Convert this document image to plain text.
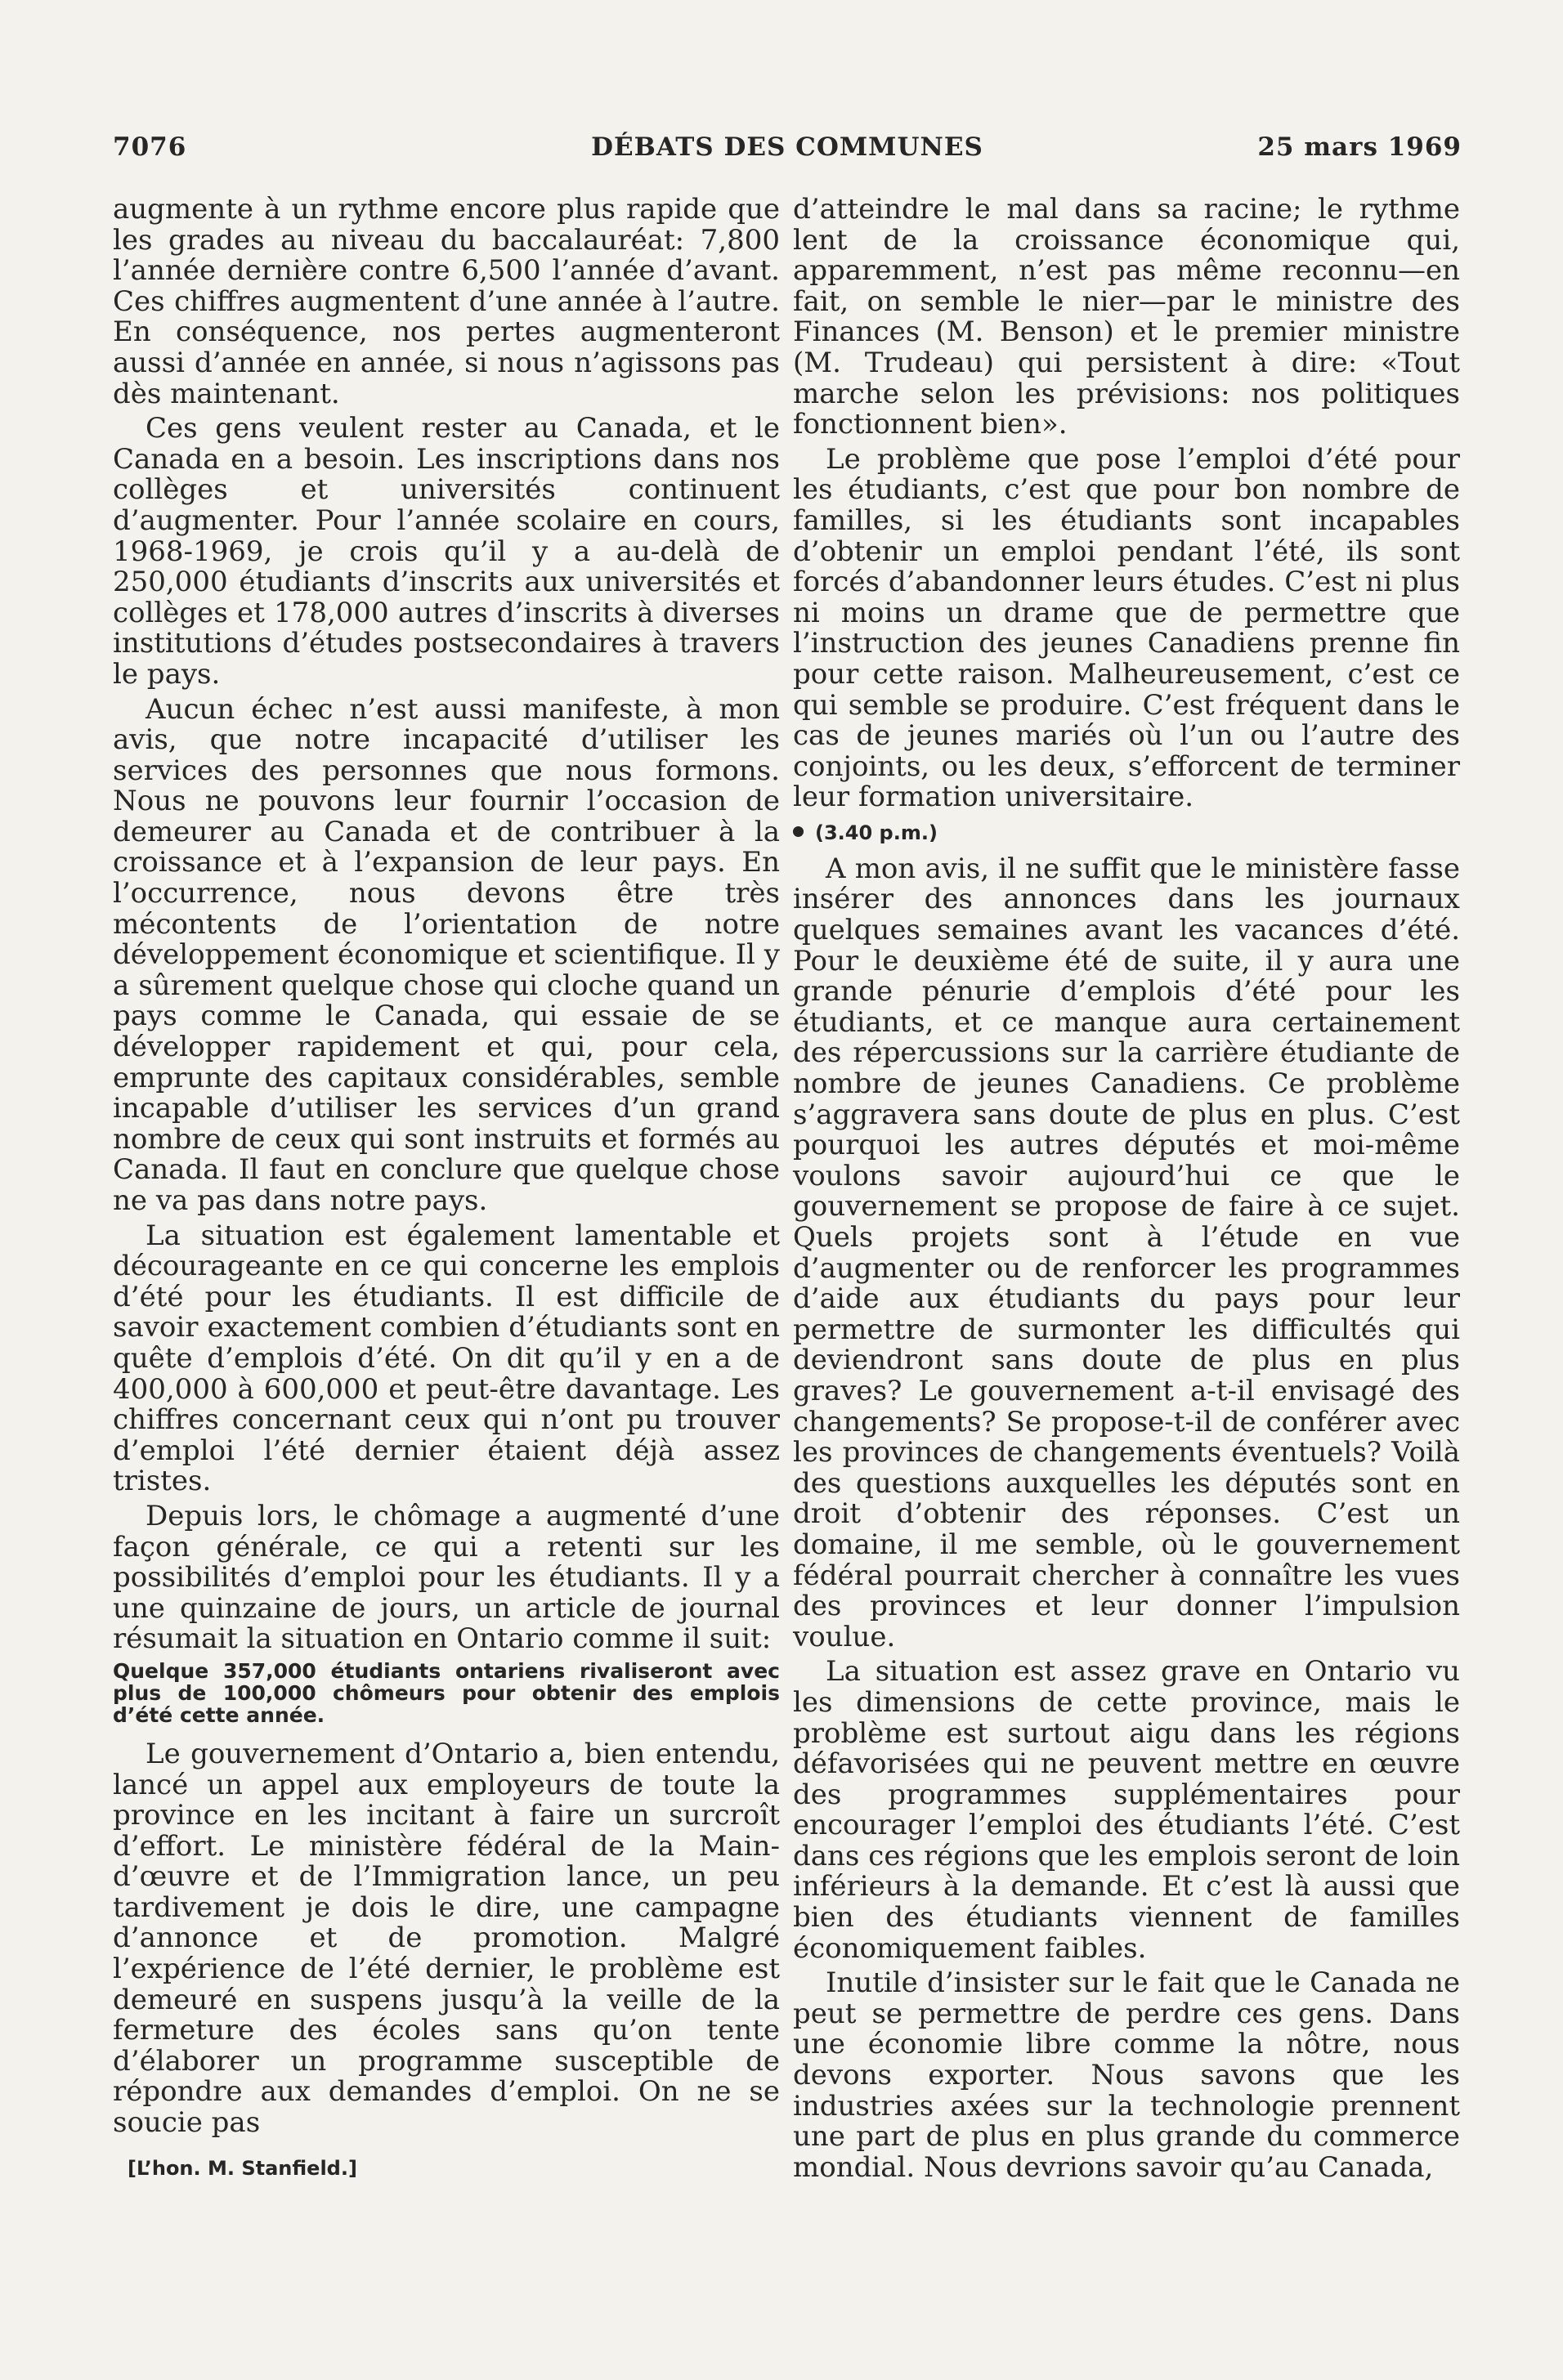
7076	DÉBATS DES COMMUNES	25 mars 1969

augmente à un rythme encore plus rapide que les grades au niveau du baccalauréat: 7,800 l’année dernière contre 6,500 l’année d’avant. Ces chiffres augmentent d’une année à l’autre. En conséquence, nos pertes augmenteront aussi d’année en année, si nous n’agissons pas dès maintenant.

Ces gens veulent rester au Canada, et le Canada en a besoin. Les inscriptions dans nos collèges et universités continuent d’augmenter. Pour l’année scolaire en cours, 1968-1969, je crois qu’il y a au-delà de 250,000 étudiants d’inscrits aux universités et collèges et 178,000 autres d’inscrits à diverses institutions d’études postsecondaires à travers le pays.

Aucun échec n’est aussi manifeste, à mon avis, que notre incapacité d’utiliser les services des personnes que nous formons. Nous ne pouvons leur fournir l’occasion de demeurer au Canada et de contribuer à la croissance et à l’expansion de leur pays. En l’occurrence, nous devons être très mécontents de l’orientation de notre développement économique et scientifique. Il y a sûrement quelque chose qui cloche quand un pays comme le Canada, qui essaie de se développer rapidement et qui, pour cela, emprunte des capitaux considérables, semble incapable d’utiliser les services d’un grand nombre de ceux qui sont instruits et formés au Canada. Il faut en conclure que quelque chose ne va pas dans notre pays.

La situation est également lamentable et décourageante en ce qui concerne les emplois d’été pour les étudiants. Il est difficile de savoir exactement combien d’étudiants sont en quête d’emplois d’été. On dit qu’il y en a de 400,000 à 600,000 et peut-être davantage. Les chiffres concernant ceux qui n’ont pu trouver d’emploi l’été dernier étaient déjà assez tristes.

Depuis lors, le chômage a augmenté d’une façon générale, ce qui a retenti sur les possibilités d’emploi pour les étudiants. Il y a une quinzaine de jours, un article de journal résumait la situation en Ontario comme il suit:

Quelque 357,000 étudiants ontariens rivaliseront avec plus de 100,000 chômeurs pour obtenir des emplois d’été cette année.

Le gouvernement d’Ontario a, bien entendu, lancé un appel aux employeurs de toute la province en les incitant à faire un surcroît d’effort. Le ministère fédéral de la Main-d’œuvre et de l’Immigration lance, un peu tardivement je dois le dire, une campagne d’annonce et de promotion. Malgré l’expérience de l’été dernier, le problème est demeuré en suspens jusqu’à la veille de la fermeture des écoles sans qu’on tente d’élaborer un programme susceptible de répondre aux demandes d’emploi. On ne se soucie pas

[L’hon. M. Stanfield.]

d’atteindre le mal dans sa racine; le rythme lent de la croissance économique qui, apparemment, n’est pas même reconnu—en fait, on semble le nier—par le ministre des Finances (M. Benson) et le premier ministre (M. Trudeau) qui persistent à dire: «Tout marche selon les prévisions: nos politiques fonctionnent bien».

Le problème que pose l’emploi d’été pour les étudiants, c’est que pour bon nombre de familles, si les étudiants sont incapables d’obtenir un emploi pendant l’été, ils sont forcés d’abandonner leurs études. C’est ni plus ni moins un drame que de permettre que l’instruction des jeunes Canadiens prenne fin pour cette raison. Malheureusement, c’est ce qui semble se produire. C’est fréquent dans le cas de jeunes mariés où l’un ou l’autre des conjoints, ou les deux, s’efforcent de terminer leur formation universitaire.

(3.40 p.m.)

A mon avis, il ne suffit que le ministère fasse insérer des annonces dans les journaux quelques semaines avant les vacances d’été. Pour le deuxième été de suite, il y aura une grande pénurie d’emplois d’été pour les étudiants, et ce manque aura certainement des répercussions sur la carrière étudiante de nombre de jeunes Canadiens. Ce problème s’aggravera sans doute de plus en plus. C’est pourquoi les autres députés et moi-même voulons savoir aujourd’hui ce que le gouvernement se propose de faire à ce sujet. Quels projets sont à l’étude en vue d’augmenter ou de renforcer les programmes d’aide aux étudiants du pays pour leur permettre de surmonter les difficultés qui deviendront sans doute de plus en plus graves? Le gouvernement a-t-il envisagé des changements? Se propose-t-il de conférer avec les provinces de changements éventuels? Voilà des questions auxquelles les députés sont en droit d’obtenir des réponses. C’est un domaine, il me semble, où le gouvernement fédéral pourrait chercher à connaître les vues des provinces et leur donner l’impulsion voulue.

La situation est assez grave en Ontario vu les dimensions de cette province, mais le problème est surtout aigu dans les régions défavorisées qui ne peuvent mettre en œuvre des programmes supplémentaires pour encourager l’emploi des étudiants l’été. C’est dans ces régions que les emplois seront de loin inférieurs à la demande. Et c’est là aussi que bien des étudiants viennent de familles économiquement faibles.

Inutile d’insister sur le fait que le Canada ne peut se permettre de perdre ces gens. Dans une économie libre comme la nôtre, nous devons exporter. Nous savons que les industries axées sur la technologie prennent une part de plus en plus grande du commerce mondial. Nous devrions savoir qu’au Canada,
